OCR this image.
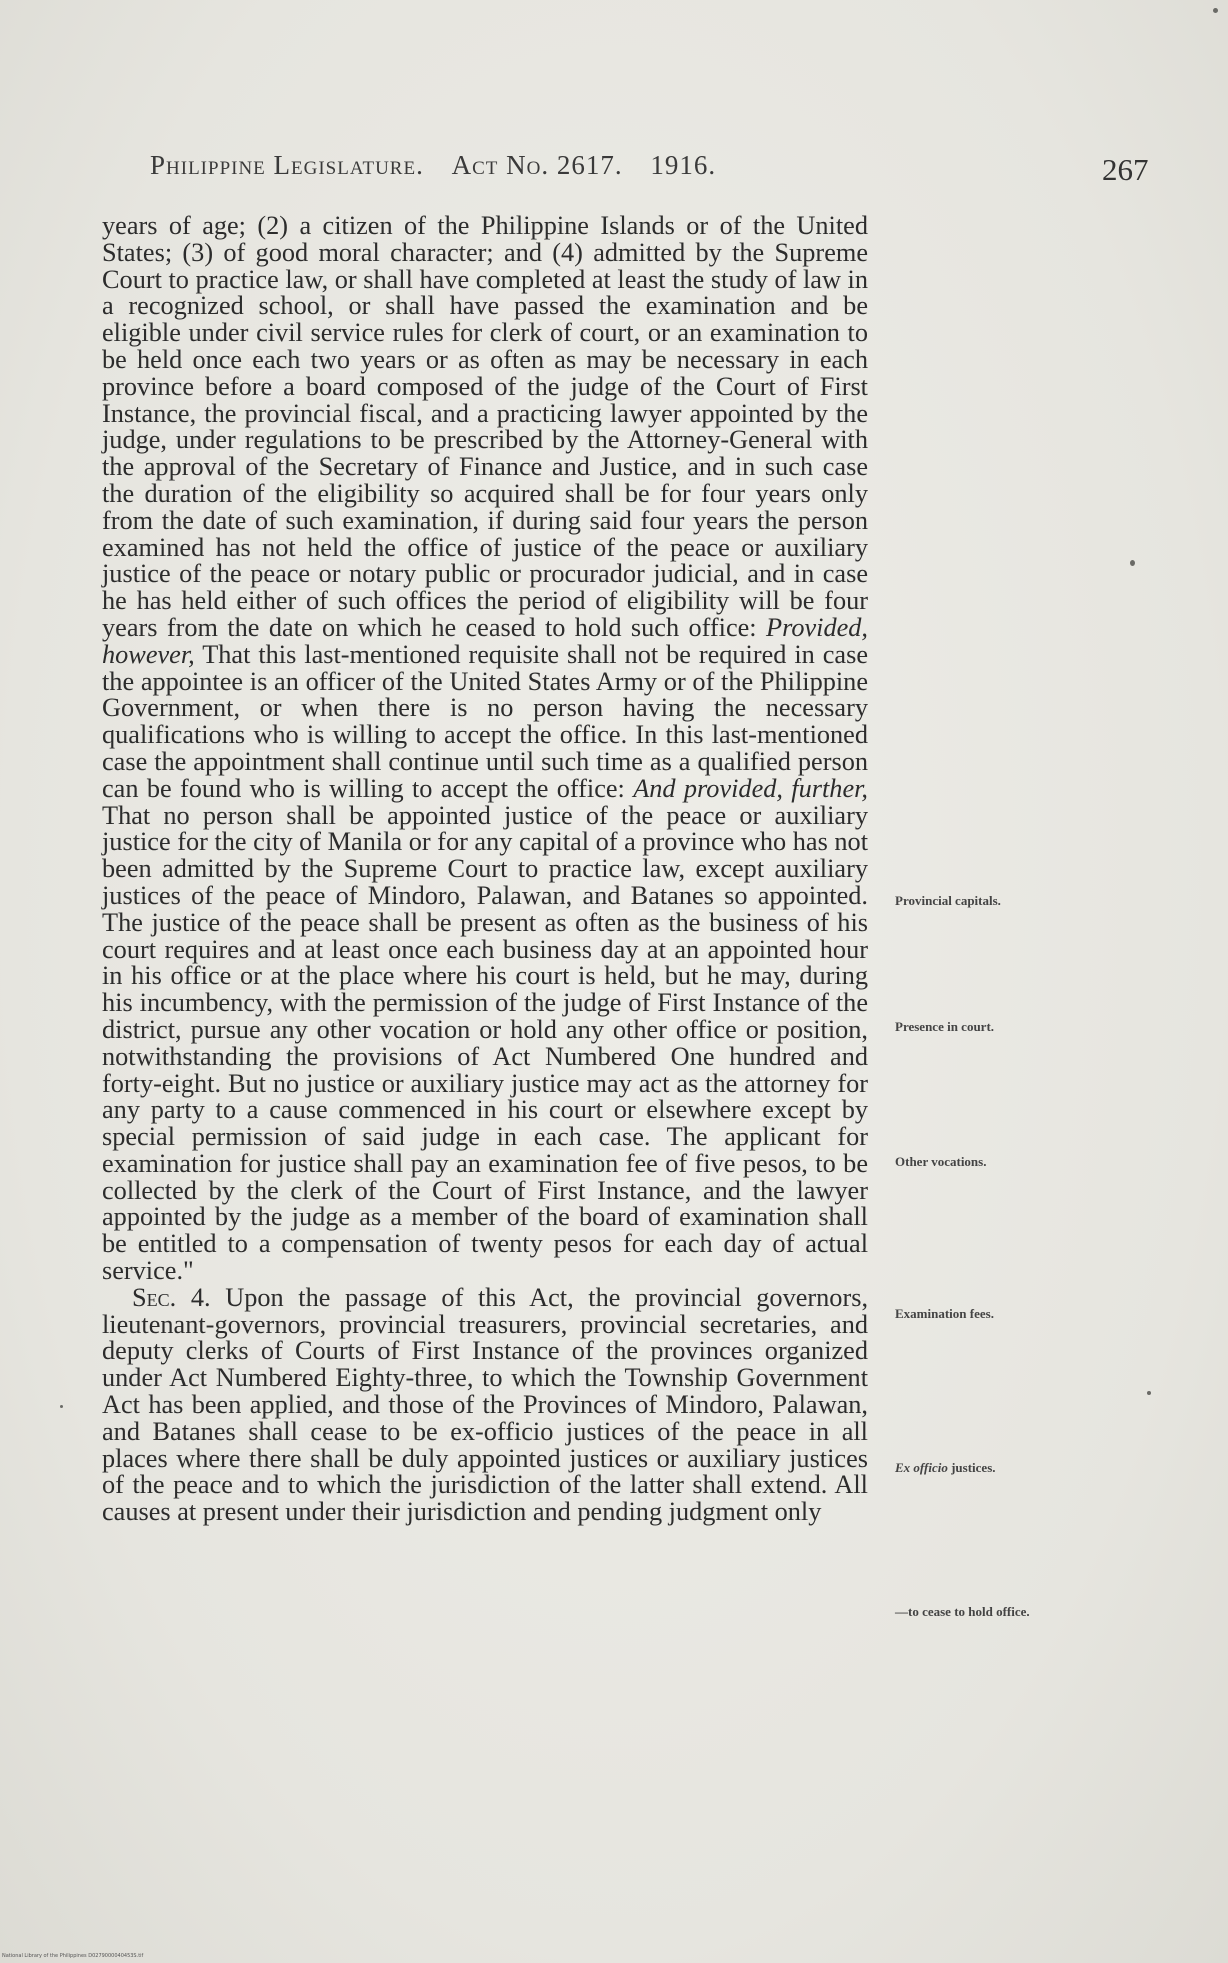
Philippine Legislature. Act No. 2617. 1916.	267

years of age; (2) a citizen of the Philippine Islands or of the United States; (3) of good moral character; and (4) admitted by the Supreme Court to practice law, or shall have completed at least the study of law in a recognized school, or shall have passed the examination and be eligible under civil service rules for clerk of court, or an examination to be held once each two years or as often as may be necessary in each province before a board composed of the judge of the Court of First Instance, the provincial fiscal, and a practicing lawyer appointed by the judge, under regulations to be prescribed by the Attorney-General with the approval of the Secretary of Finance and Justice, and in such case the duration of the eligibility so acquired shall be for four years only from the date of such examination, if during said four years the person examined has not held the office of justice of the peace or auxiliary justice of the peace or notary public or procurador judicial, and in case he has held either of such offices the period of eligibility will be four years from the date on which he ceased to hold such office: Provided, however, That this last-mentioned requisite shall not be required in case the appointee is an officer of the United States Army or of the Philippine Government, or when there is no person having the necessary qualifications who is willing to accept the office. In this last-mentioned case the appointment shall continue until such time as a qualified person can be found who is willing to accept the office: And provided, further, That no person shall be appointed justice of the peace or auxiliary justice for the city of Manila or for any capital of a province who has not been admitted by the Supreme Court to practice law, except auxiliary justices of the peace of Mindoro, Palawan, and Batanes so appointed. The justice of the peace shall be present as often as the business of his court requires and at least once each business day at an appointed hour in his office or at the place where his court is held, but he may, during his incumbency, with the permission of the judge of First Instance of the district, pursue any other vocation or hold any other office or position, notwithstanding the provisions of Act Numbered One hundred and forty-eight. But no justice or auxiliary justice may act as the attorney for any party to a cause commenced in his court or elsewhere except by special permission of said judge in each case. The applicant for examination for justice shall pay an examination fee of five pesos, to be collected by the clerk of the Court of First Instance, and the lawyer appointed by the judge as a member of the board of examination shall be entitled to a compensation of twenty pesos for each day of actual service."

Sec. 4. Upon the passage of this Act, the provincial governors, lieutenant-governors, provincial treasurers, provincial secretaries, and deputy clerks of Courts of First Instance of the provinces organized under Act Numbered Eighty-three, to which the Township Government Act has been applied, and those of the Provinces of Mindoro, Palawan, and Batanes shall cease to be ex-officio justices of the peace in all places where there shall be duly appointed justices or auxiliary justices of the peace and to which the jurisdiction of the latter shall extend. All causes at present under their jurisdiction and pending judgment only

Provincial capitals.
Presence in court.
Other vocations.
Examination fees.
Ex officio justices.
—to cease to hold office.
National Library of the Philippines D0279000040453S.tif
